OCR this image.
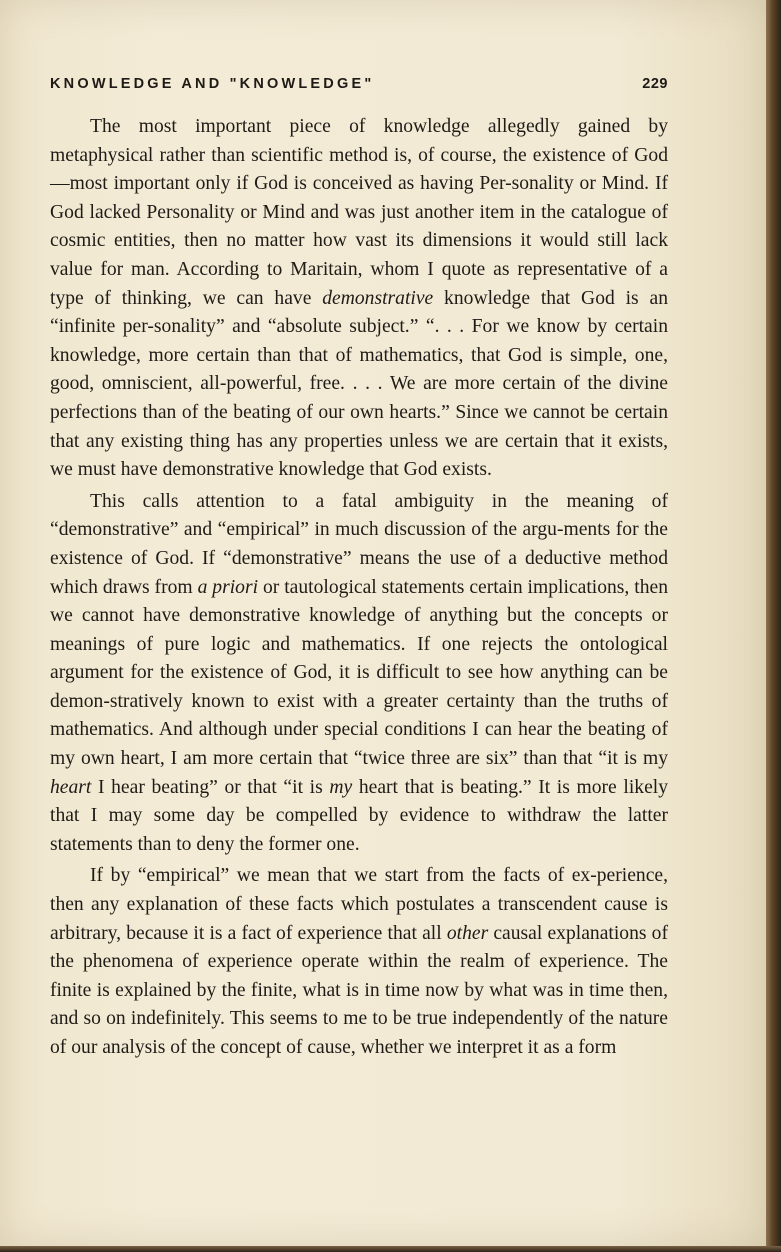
KNOWLEDGE AND "KNOWLEDGE"	229

The most important piece of knowledge allegedly gained by metaphysical rather than scientific method is, of course, the existence of God—most important only if God is conceived as having Per-sonality or Mind. If God lacked Personality or Mind and was just another item in the catalogue of cosmic entities, then no matter how vast its dimensions it would still lack value for man. According to Maritain, whom I quote as representative of a type of thinking, we can have demonstrative knowledge that God is an “infinite per-sonality” and “absolute subject.” “. . . For we know by certain knowledge, more certain than that of mathematics, that God is simple, one, good, omniscient, all-powerful, free. . . . We are more certain of the divine perfections than of the beating of our own hearts.” Since we cannot be certain that any existing thing has any properties unless we are certain that it exists, we must have demonstrative knowledge that God exists.

This calls attention to a fatal ambiguity in the meaning of “demonstrative” and “empirical” in much discussion of the argu-ments for the existence of God. If “demonstrative” means the use of a deductive method which draws from a priori or tautological statements certain implications, then we cannot have demonstrative knowledge of anything but the concepts or meanings of pure logic and mathematics. If one rejects the ontological argument for the existence of God, it is difficult to see how anything can be demon-stratively known to exist with a greater certainty than the truths of mathematics. And although under special conditions I can hear the beating of my own heart, I am more certain that “twice three are six” than that “it is my heart I hear beating” or that “it is my heart that is beating.” It is more likely that I may some day be compelled by evidence to withdraw the latter statements than to deny the former one.

If by “empirical” we mean that we start from the facts of ex-perience, then any explanation of these facts which postulates a transcendent cause is arbitrary, because it is a fact of experience that all other causal explanations of the phenomena of experience operate within the realm of experience. The finite is explained by the finite, what is in time now by what was in time then, and so on indefinitely. This seems to me to be true independently of the nature of our analysis of the concept of cause, whether we interpret it as a form
